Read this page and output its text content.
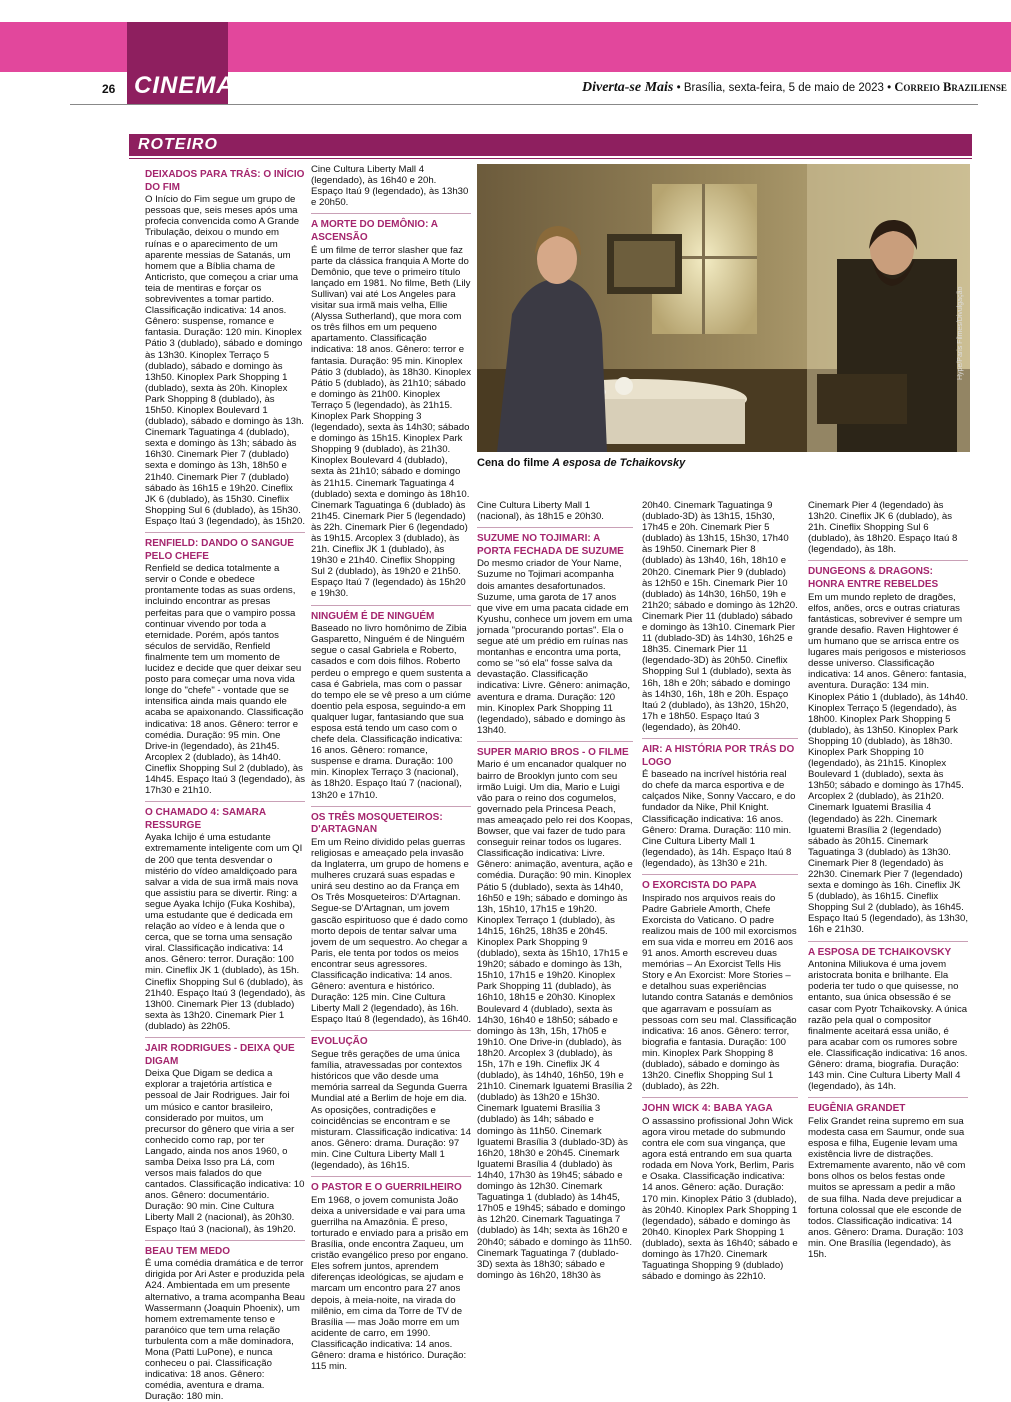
CINEMA
26	Diverta-se Mais • Brasília, sexta-feira, 5 de maio de 2023 • Correio Braziliense
ROTEIRO
DEIXADOS PARA TRÁS: O INÍCIO DO FIM

O Início do Fim segue um grupo de pessoas que, seis meses após uma profecia convencida como A Grande Tribulação, deixou o mundo em ruínas e o aparecimento de um aparente messias de Satanás, um homem que a Bíblia chama de Anticristo, que começou a criar uma teia de mentiras e forçar os sobreviventes a tomar partido. Classificação indicativa: 14 anos. Gênero: suspense, romance e fantasia. Duração: 120 min. Kinoplex Pátio 3 (dublado), sábado e domingo às 13h30. Kinoplex Terraço 5 (dublado), sábado e domingo às 13h50. Kinoplex Park Shopping 1 (dublado), sexta às 20h. Kinoplex Park Shopping 8 (dublado), às 15h50. Kinoplex Boulevard 1 (dublado), sábado e domingo às 13h. Cinemark Taguatinga 4 (dublado), sexta e domingo às 13h; sábado às 16h30. Cinemark Pier 7 (dublado) sexta e domingo às 13h, 18h50 e 21h40. Cinemark Pier 7 (dublado) sábado às 16h15 e 19h20. Cineflix JK 6 (dublado), às 15h30. Cineflix Shopping Sul 6 (dublado), às 15h30. Espaço Itaú 3 (legendado), às 15h20.

RENFIELD: DANDO O SANGUE PELO CHEFE

Renfield se dedica totalmente a servir o Conde e obedece prontamente todas as suas ordens, incluindo encontrar as presas perfeitas para que o vampiro possa continuar vivendo por toda a eternidade. Porém, após tantos séculos de servidão, Renfield finalmente tem um momento de lucidez e decide que quer deixar seu posto para começar uma nova vida longe do "chefe" - vontade que se intensifica ainda mais quando ele acaba se apaixonando. Classificação indicativa: 18 anos. Gênero: terror e comédia. Duração: 95 min. One Drive-in (legendado), às 21h45. Arcoplex 2 (dublado), às 14h40. Cineflix Shopping Sul 2 (dublado), às 14h45. Espaço Itaú 3 (legendado), às 17h30 e 21h10.

O CHAMADO 4: SAMARA RESSURGE

Ayaka Ichijo é uma estudante extremamente inteligente com um QI de 200 que tenta desvendar o mistério do vídeo amaldiçoado para salvar a vida de sua irmã mais nova que assistiu para se divertir. Ring: a segue Ayaka Ichijo (Fuka Koshiba), uma estudante que é dedicada em relação ao vídeo e à lenda que o cerca, que se torna uma sensação viral. Classificação indicativa: 14 anos. Gênero: terror. Duração: 100 min. Cineflix JK 1 (dublado), às 15h. Cineflix Shopping Sul 6 (dublado), às 21h40. Espaço Itaú 3 (legendado), às 13h00. Cinemark Pier 13 (dublado) sexta às 13h20. Cinemark Pier 1 (dublado) às 22h05.

JAIR RODRIGUES - DEIXA QUE DIGAM

Deixa Que Digam se dedica a explorar a trajetória artística e pessoal de Jair Rodrigues. Jair foi um músico e cantor brasileiro, considerado por muitos, um precursor do gênero que viria a ser conhecido como rap, por ter Langado, ainda nos anos 1960, o samba Deixa Isso pra Lá, com versos mais falados do que cantados. Classificação indicativa: 10 anos. Gênero: documentário. Duração: 90 min. Cine Cultura Liberty Mall 2 (nacional), às 20h30. Espaço Itaú 3 (nacional), às 19h20.

BEAU TEM MEDO

É uma comédia dramática e de terror dirigida por Ari Aster e produzida pela A24. Ambientada em um presente alternativo, a trama acompanha Beau Wassermann (Joaquin Phoenix), um homem extremamente tenso e paranóico que tem uma relação turbulenta com a mãe dominadora, Mona (Patti LuPone), e nunca conheceu o pai. Classificação indicativa: 18 anos. Gênero: comédia, aventura e drama. Duração: 180 min.

Cine Cultura Liberty Mall 4 (legendado), às 16h40 e 20h. Espaço Itaú 9 (legendado), às 13h30 e 20h50.

A MORTE DO DEMÔNIO: A ASCENSÃO

É um filme de terror slasher que faz parte da clássica franquia A Morte do Demônio, que teve o primeiro título lançado em 1981. No filme, Beth (Lily Sullivan) vai até Los Angeles para visitar sua irmã mais velha, Ellie (Alyssa Sutherland), que mora com os três filhos em um pequeno apartamento. Classificação indicativa: 18 anos. Gênero: terror e fantasia. Duração: 95 min. Kinoplex Pátio 3 (dublado), às 18h30. Kinoplex Pátio 5 (dublado), às 21h10; sábado e domingo às 21h00. Kinoplex Terraço 5 (legendado), às 21h15. Kinoplex Park Shopping 3 (legendado), sexta às 14h30; sábado e domingo às 15h15. Kinoplex Park Shopping 9 (dublado), às 21h30. Kinoplex Boulevard 4 (dublado), sexta às 21h10; sábado e domingo às 21h15. Cinemark Taguatinga 4 (dublado) sexta e domingo às 18h10. Cinemark Taguatinga 6 (dublado) às 21h45. Cinemark Pier 5 (legendado) às 22h. Cinemark Pier 6 (legendado) às 19h15. Arcoplex 3 (dublado), às 21h. Cineflix JK 1 (dublado), às 19h30 e 21h40. Cineflix Shopping Sul 2 (dublado), às 19h20 e 21h50. Espaço Itaú 7 (legendado) às 15h20 e 19h30.

NINGUÉM É DE NINGUÉM

Baseado no livro homônimo de Zibia Gasparetto, Ninguém é de Ninguém segue o casal Gabriela e Roberto, casados e com dois filhos. Roberto perdeu o emprego e quem sustenta a casa é Gabriela, mas com o passar do tempo ele se vê preso a um ciúme doentio pela esposa, seguindo-a em qualquer lugar, fantasiando que sua esposa está tendo um caso com o chefe dela. Classificação indicativa: 16 anos. Gênero: romance, suspense e drama. Duração: 100 min. Kinoplex Terraço 3 (nacional), às 18h20. Espaço Itaú 7 (nacional), 13h20 e 17h10.

OS TRÊS MOSQUETEIROS: D'ARTAGNAN

Em um Reino dividido pelas guerras religiosas e ameaçado pela invasão da Inglaterra, um grupo de homens e mulheres cruzará suas espadas e unirá seu destino ao da França em Os Três Mosqueteiros: D'Artagnan. Segue-se D'Artagnan, um jovem gascão espirituoso que é dado como morto depois de tentar salvar uma jovem de um sequestro. Ao chegar a Paris, ele tenta por todos os meios encontrar seus agressores. Classificação indicativa: 14 anos. Gênero: aventura e histórico. Duração: 125 min. Cine Cultura Liberty Mall 2 (legendado), às 16h. Espaço Itaú 8 (legendado), às 16h40.

EVOLUÇÃO

Segue três gerações de uma única família, atravessadas por contextos históricos que vão desde uma memória sarreal da Segunda Guerra Mundial até a Berlim de hoje em dia. As oposições, contradições e coincidências se encontram e se misturam. Classificação indicativa: 14 anos. Gênero: drama. Duração: 97 min. Cine Cultura Liberty Mall 1 (legendado), às 16h15.

O PASTOR E O GUERRILHEIRO

Em 1968, o jovem comunista João deixa a universidade e vai para uma guerrilha na Amazônia. É preso, torturado e enviado para a prisão em Brasília, onde encontra Zaqueu, um cristão evangélico preso por engano. Eles sofrem juntos, aprendem diferenças ideológicas, se ajudam e marcam um encontro para 27 anos depois, à meia-noite, na virada do milênio, em cima da Torre de TV de Brasília — mas João morre em um acidente de carro, em 1990. Classificação indicativa: 14 anos. Gênero: drama e histórico. Duração: 115 min.

Cine Cultura Liberty Mall 1 (nacional), às 18h15 e 20h30.

SUZUME NO TOJIMARI: A PORTA FECHADA DE SUZUME

Do mesmo criador de Your Name, Suzume no Tojimari acompanha dois amantes desafortunados. Suzume, uma garota de 17 anos que vive em uma pacata cidade em Kyushu, conhece um jovem em uma jornada "procurando portas". Ela o segue até um prédio em ruínas nas montanhas e encontra uma porta, como se "só ela" fosse salva da devastação. Classificação indicativa: Livre. Gênero: animação, aventura e drama. Duração: 120 min. Kinoplex Park Shopping 11 (legendado), sábado e domingo às 13h40.

SUPER MARIO BROS - O FILME

Mario é um encanador qualquer no bairro de Brooklyn junto com seu irmão Luigi. Um dia, Mario e Luigi vão para o reino dos cogumelos, governado pela Princesa Peach, mas ameaçado pelo rei dos Koopas, Bowser, que vai fazer de tudo para conseguir reinar todos os lugares. Classificação indicativa: Livre. Gênero: animação, aventura, ação e comédia. Duração: 90 min. Kinoplex Pátio 5 (dublado), sexta às 14h40, 16h50 e 19h; sábado e domingo às 13h, 15h10, 17h15 e 19h20. Kinoplex Terraço 1 (dublado), às 14h15, 16h25, 18h35 e 20h45. Kinoplex Park Shopping 9 (dublado), sexta às 15h10, 17h15 e 19h20; sábado e domingo às 13h, 15h10, 17h15 e 19h20. Kinoplex Park Shopping 11 (dublado), às 16h10, 18h15 e 20h30. Kinoplex Boulevard 4 (dublado), sexta às 14h30, 16h40 e 18h50; sábado e domingo às 13h, 15h, 17h05 e 19h10. One Drive-in (dublado), às 18h20. Arcoplex 3 (dublado), às 15h, 17h e 19h. Cineflix JK 4 (dublado), às 14h40, 16h50, 19h e 21h10. Cinemark Iguatemi Brasília 2 (dublado) às 13h20 e 15h30. Cinemark Iguatemi Brasília 3 (dublado) às 14h; sábado e domingo às 11h50. Cinemark Iguatemi Brasília 3 (dublado-3D) às 16h20, 18h30 e 20h45. Cinemark Iguatemi Brasília 4 (dublado) às 14h40, 17h30 às 19h45; sábado e domingo às 12h30. Cinemark Taguatinga 1 (dublado) às 14h45, 17h05 e 19h45; sábado e domingo às 12h20. Cinemark Taguatinga 7 (dublado) às 14h; sexta às 16h20 e 20h40; sábado e domingo às 11h50. Cinemark Taguatinga 7 (dublado-3D) sexta às 18h30; sábado e domingo às 16h20, 18h30 às

20h40. Cinemark Taguatinga 9 (dublado-3D) às 13h15, 15h30, 17h45 e 20h. Cinemark Pier 5 (dublado) às 13h15, 15h30, 17h40 às 19h50. Cinemark Pier 8 (dublado) às 13h40, 16h, 18h10 e 20h20. Cinemark Pier 9 (dublado) às 12h50 e 15h. Cinemark Pier 10 (dublado) às 14h30, 16h50, 19h e 21h20; sábado e domingo às 12h20. Cinemark Pier 11 (dublado) sábado e domingo às 13h10. Cinemark Pier 11 (dublado-3D) às 14h30, 16h25 e 18h35. Cinemark Pier 11 (legendado-3D) às 20h50. Cineflix Shopping Sul 1 (dublado), sexta às 16h, 18h e 20h; sábado e domingo às 14h30, 16h, 18h e 20h. Espaço Itaú 2 (dublado), às 13h20, 15h20, 17h e 18h50. Espaço Itaú 3 (legendado), às 20h40.

AIR: A HISTÓRIA POR TRÁS DO LOGO

É baseado na incrível história real do chefe da marca esportiva e de calçados Nike, Sonny Vaccaro, e do fundador da Nike, Phil Knight. Classificação indicativa: 16 anos. Gênero: Drama. Duração: 110 min. Cine Cultura Liberty Mall 1 (legendado), às 14h. Espaço Itaú 8 (legendado), às 13h30 e 21h.

O EXORCISTA DO PAPA

Inspirado nos arquivos reais do Padre Gabriele Amorth, Chefe Exorcista do Vaticano. O padre realizou mais de 100 mil exorcismos em sua vida e morreu em 2016 aos 91 anos. Amorth escreveu duas memórias – An Exorcist Tells His Story e An Exorcist: More Stories – e detalhou suas experiências lutando contra Satanás e demônios que agarravam e possuíam as pessoas com seu mal. Classificação indicativa: 16 anos. Gênero: terror, biografia e fantasia. Duração: 100 min. Kinoplex Park Shopping 8 (dublado), sábado e domingo às 13h20. Cineflix Shopping Sul 1 (dublado), às 22h.

JOHN WICK 4: BABA YAGA

O assassino profissional John Wick agora virou metade do submundo contra ele com sua vingança, que agora está entrando em sua quarta rodada em Nova York, Berlim, Paris e Osaka. Classificação indicativa: 14 anos. Gênero: ação. Duração: 170 min. Kinoplex Pátio 3 (dublado), às 20h40. Kinoplex Park Shopping 1 (legendado), sábado e domingo às 20h40. Kinoplex Park Shopping 1 (dublado), sexta às 16h40; sábado e domingo às 17h20. Cinemark Taguatinga Shopping 9 (dublado) sábado e domingo às 22h10.

Cinemark Pier 4 (legendado) às 13h20. Cineflix JK 6 (dublado), às 21h. Cineflix Shopping Sul 6 (dublado), às 18h20. Espaço Itaú 8 (legendado), às 18h.

DUNGEONS & DRAGONS: HONRA ENTRE REBELDES

Em um mundo repleto de dragões, elfos, anões, orcs e outras criaturas fantásticas, sobreviver é sempre um grande desafio. Raven Hightower é um humano que se arrisca entre os lugares mais perigosos e misteriosos desse universo. Classificação indicativa: 14 anos. Gênero: fantasia, aventura. Duração: 134 min. Kinoplex Pátio 1 (dublado), às 14h40. Kinoplex Terraço 5 (legendado), às 18h00. Kinoplex Park Shopping 5 (dublado), às 13h50. Kinoplex Park Shopping 10 (dublado), às 18h30. Kinoplex Park Shopping 10 (legendado), às 21h15. Kinoplex Boulevard 1 (dublado), sexta às 13h50; sábado e domingo às 17h45. Arcoplex 2 (dublado), às 21h20. Cinemark Iguatemi Brasília 4 (legendado) às 22h. Cinemark Iguatemi Brasília 2 (legendado) sábado às 20h15. Cinemark Taguatinga 3 (dublado) às 13h30. Cinemark Pier 8 (legendado) às 22h30. Cinemark Pier 7 (legendado) sexta e domingo às 16h. Cineflix JK 5 (dublado), às 16h15. Cineflix Shopping Sul 2 (dublado), às 16h45. Espaço Itaú 5 (legendado), às 13h30, 16h e 21h30.

A ESPOSA DE TCHAIKOVSKY

Antonina Miliukova é uma jovem aristocrata bonita e brilhante. Ela poderia ter tudo o que quisesse, no entanto, sua única obsessão é se casar com Pyotr Tchaikovsky. A única razão pela qual o compositor finalmente aceitará essa união, é para acabar com os rumores sobre ele. Classificação indicativa: 16 anos. Gênero: drama, biografia. Duração: 143 min. Cine Cultura Liberty Mall 4 (legendado), às 14h.

EUGÊNIA GRANDET

Felix Grandet reina supremo em sua modesta casa em Saumur, onde sua esposa e filha, Eugenie levam uma existência livre de distrações. Extremamente avarento, não vê com bons olhos os belos festas onde muitos se apressam a pedir a mão de sua filha. Nada deve prejudicar a fortuna colossal que ele esconde de todos. Classificação indicativa: 14 anos. Gênero: Drama. Duração: 103 min. One Brasília (legendado), às 15h.

Hype/Paris Filmes/Divulgação
Cena do filme A esposa de Tchaikovsky
